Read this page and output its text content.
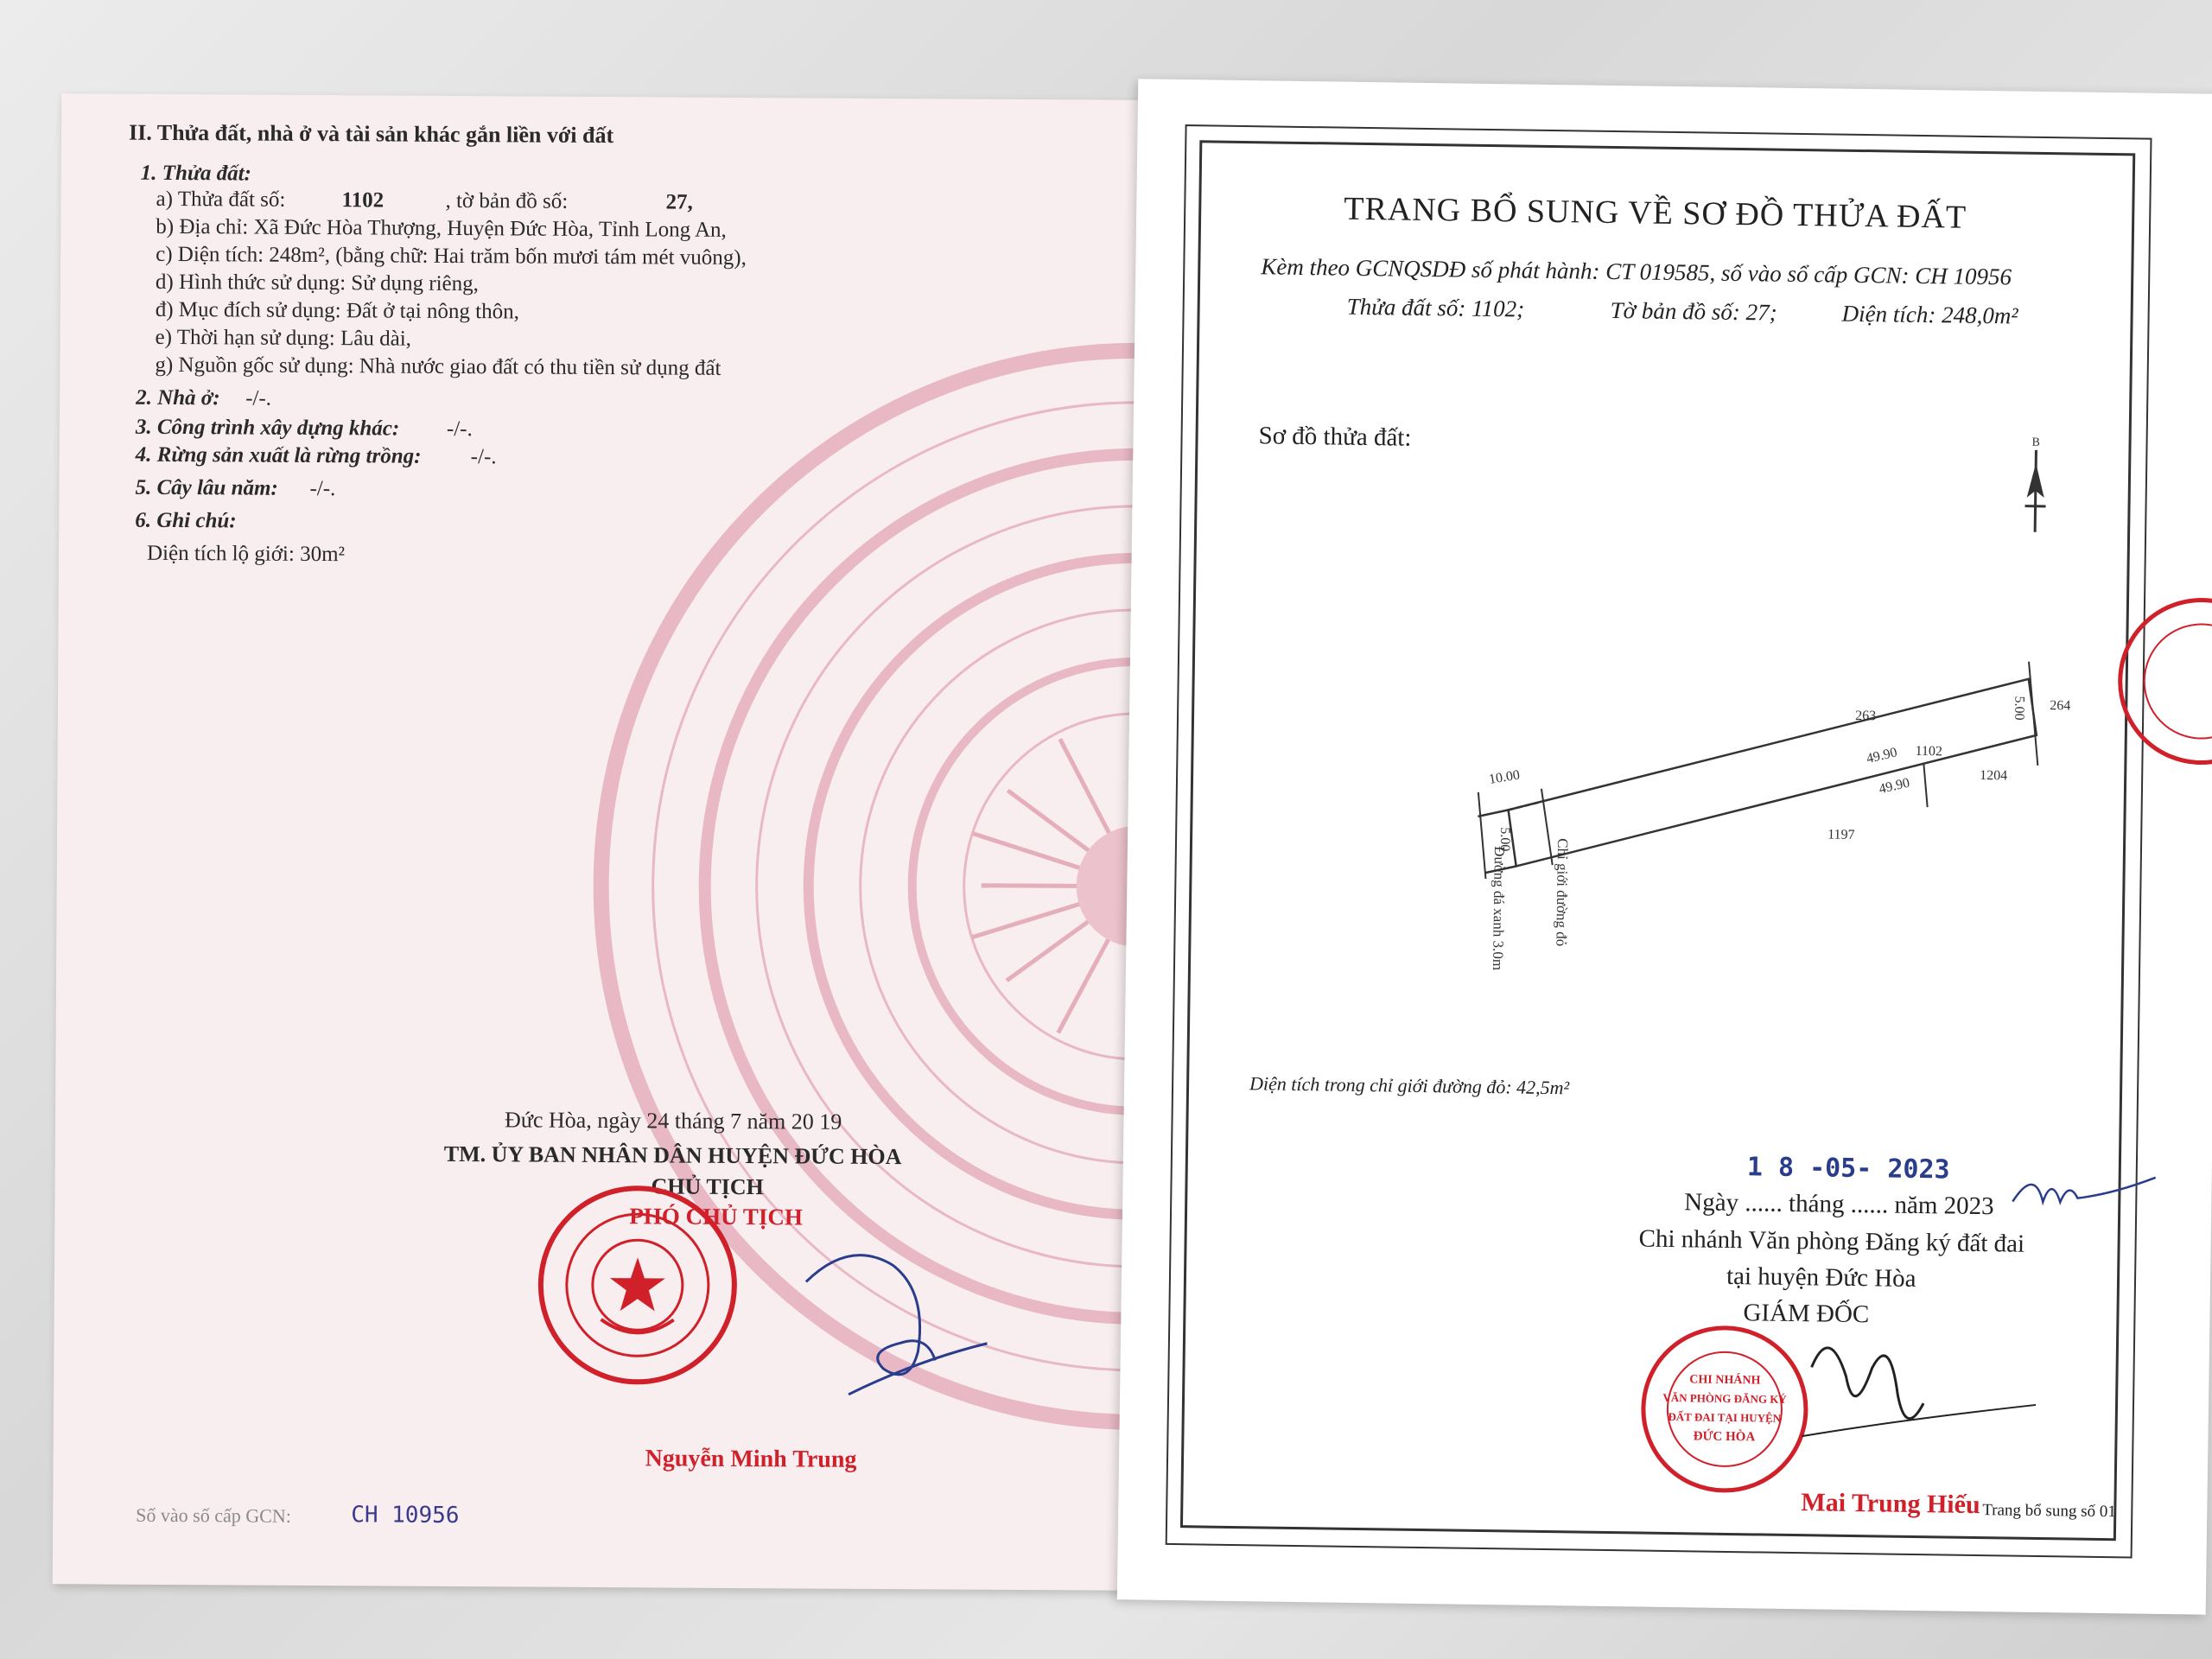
II. Thửa đất, nhà ở và tài sản khác gắn liền với đất
1. Thửa đất:
a) Thửa đất số:	1102	, tờ bản đồ số:	27,
b) Địa chỉ: Xã Đức Hòa Thượng, Huyện Đức Hòa, Tỉnh Long An,
c) Diện tích: 248m², (bằng chữ: Hai trăm bốn mươi tám mét vuông),
d) Hình thức sử dụng: Sử dụng riêng,
đ) Mục đích sử dụng: Đất ở tại nông thôn,
e) Thời hạn sử dụng: Lâu dài,
g) Nguồn gốc sử dụng: Nhà nước giao đất có thu tiền sử dụng đất
2. Nhà ở: -/-.
3. Công trình xây dựng khác: -/-.
4. Rừng sản xuất là rừng trồng: -/-.
5. Cây lâu năm: -/-.
6. Ghi chú:
Diện tích lộ giới: 30m²
Đức Hòa, ngày 24 tháng 7 năm 20 19
TM. ỦY BAN NHÂN DÂN HUYỆN ĐỨC HÒA
CHỦ TỊCH
PHÓ CHỦ TỊCH
Nguyễn Minh Trung
Số vào số cấp GCN:	CH 10956
TRANG BỔ SUNG VỀ SƠ ĐỒ THỬA ĐẤT
Kèm theo GCNQSDĐ số phát hành: CT 019585, số vào sổ cấp GCN: CH 10956
Thửa đất số: 1102;	Tờ bản đồ số: 27;	Diện tích: 248,0m²
Sơ đồ thửa đất:	B
263
264
1102
1204
1197
49.90
49.90
5.00
5.00
10.00
Đường đá xanh 3.0m	Chỉ giới đường đỏ
Diện tích trong chỉ giới đường đỏ: 42,5m²
1 8 -05- 2023
Ngày ...... tháng ...... năm 2023
Chi nhánh Văn phòng Đăng ký đất đai
tại huyện Đức Hòa
GIÁM ĐỐC
CHI NHÁNH
VĂN PHÒNG ĐĂNG KÝ
ĐẤT ĐAI TẠI HUYỆN
ĐỨC HÒA
Mai Trung Hiếu Trang bổ sung số 01
